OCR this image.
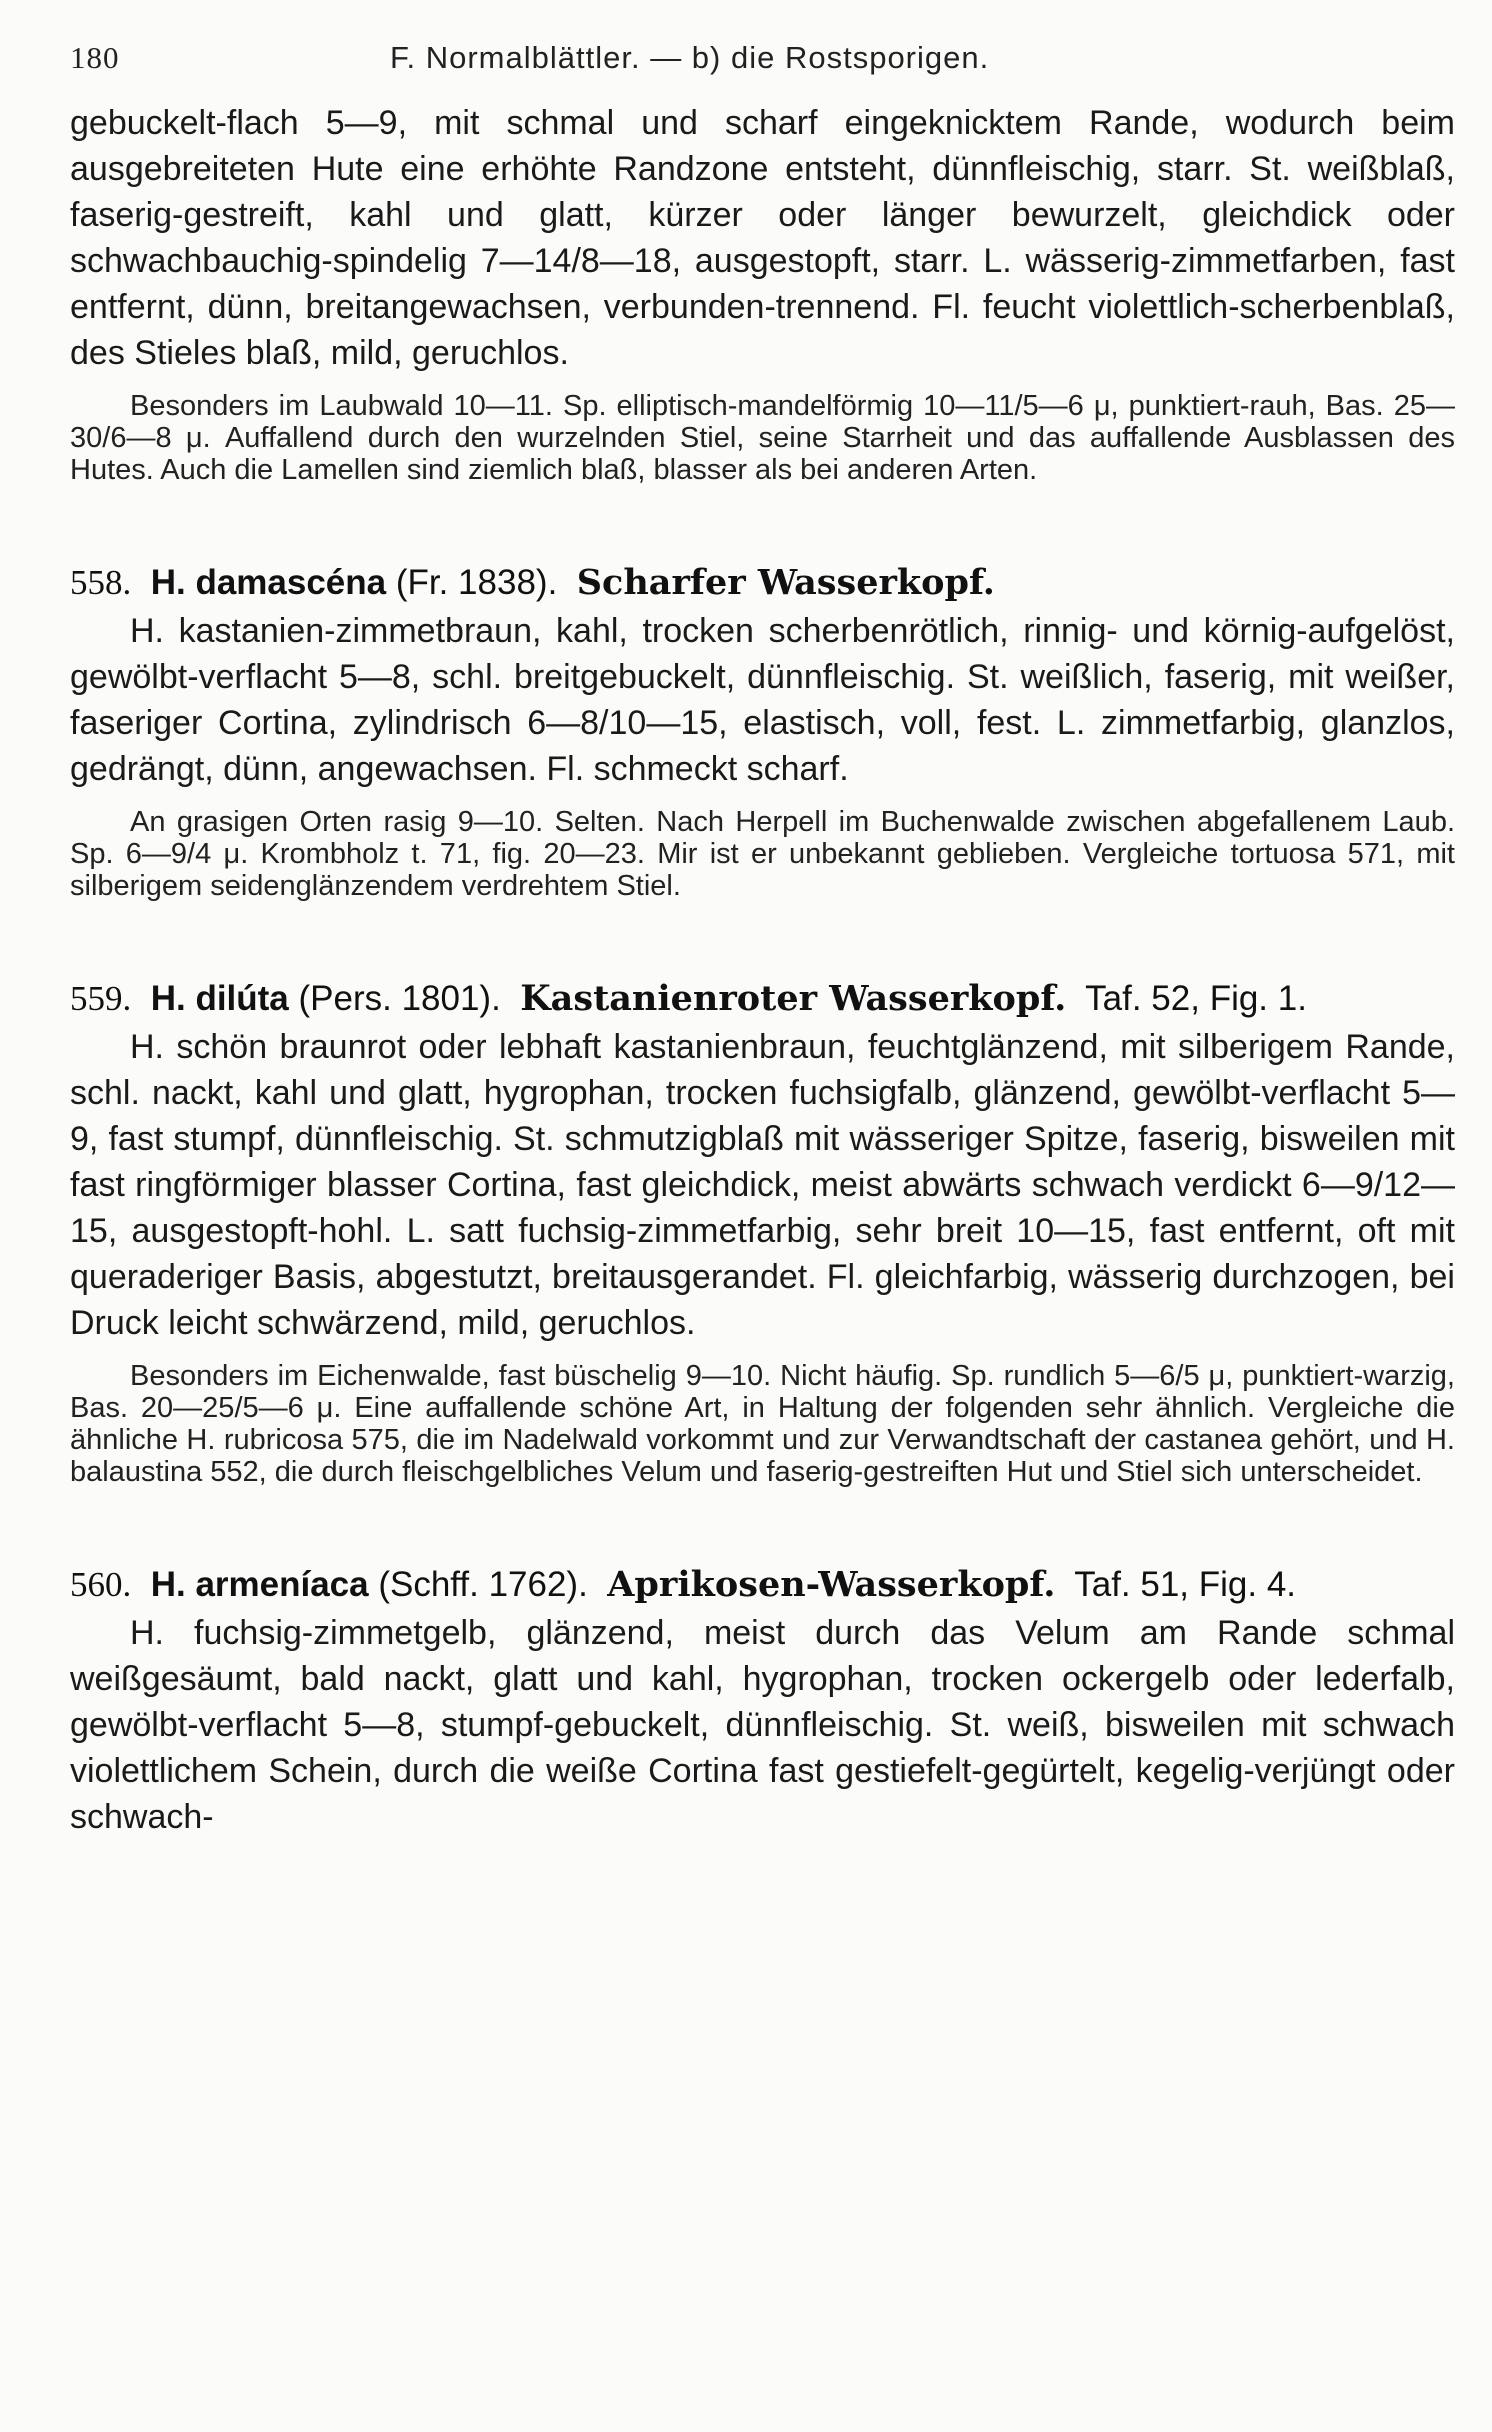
180	F. Normalblättler. — b) die Rostsporigen.

gebuckelt-flach 5—9, mit schmal und scharf eingeknicktem Rande, wodurch beim ausgebreiteten Hute eine erhöhte Randzone entsteht, dünnfleischig, starr. St. weißblaß, faserig-gestreift, kahl und glatt, kürzer oder länger bewurzelt, gleichdick oder schwachbauchig-spindelig 7—14/8—18, ausgestopft, starr. L. wässerig-zimmetfarben, fast entfernt, dünn, breitangewachsen, verbunden-trennend. Fl. feucht violettlich-scherbenblaß, des Stieles blaß, mild, geruchlos.

Besonders im Laubwald 10—11. Sp. elliptisch-mandelförmig 10—11/5—6 μ, punktiert-rauh, Bas. 25—30/6—8 μ. Auffallend durch den wurzelnden Stiel, seine Starrheit und das auffallende Ausblassen des Hutes. Auch die Lamellen sind ziemlich blaß, blasser als bei anderen Arten.

558. H. damascéna (Fr. 1838). Scharfer Wasserkopf.

H. kastanien-zimmetbraun, kahl, trocken scherbenrötlich, rinnig- und körnig-aufgelöst, gewölbt-verflacht 5—8, schl. breitgebuckelt, dünnfleischig. St. weißlich, faserig, mit weißer, faseriger Cortina, zylindrisch 6—8/10—15, elastisch, voll, fest. L. zimmetfarbig, glanzlos, gedrängt, dünn, angewachsen. Fl. schmeckt scharf.

An grasigen Orten rasig 9—10. Selten. Nach Herpell im Buchenwalde zwischen abgefallenem Laub. Sp. 6—9/4 μ. Krombholz t. 71, fig. 20—23. Mir ist er unbekannt geblieben. Vergleiche tortuosa 571, mit silberigem seidenglänzendem verdrehtem Stiel.

559. H. dilúta (Pers. 1801). Kastanienroter Wasserkopf. Taf. 52, Fig. 1.

H. schön braunrot oder lebhaft kastanienbraun, feuchtglänzend, mit silberigem Rande, schl. nackt, kahl und glatt, hygrophan, trocken fuchsigfalb, glänzend, gewölbt-verflacht 5—9, fast stumpf, dünnfleischig. St. schmutzigblaß mit wässeriger Spitze, faserig, bisweilen mit fast ringförmiger blasser Cortina, fast gleichdick, meist abwärts schwach verdickt 6—9/12—15, ausgestopft-hohl. L. satt fuchsig-zimmetfarbig, sehr breit 10—15, fast entfernt, oft mit queraderiger Basis, abgestutzt, breitausgerandet. Fl. gleichfarbig, wässerig durchzogen, bei Druck leicht schwärzend, mild, geruchlos.

Besonders im Eichenwalde, fast büschelig 9—10. Nicht häufig. Sp. rundlich 5—6/5 μ, punktiert-warzig, Bas. 20—25/5—6 μ. Eine auffallende schöne Art, in Haltung der folgenden sehr ähnlich. Vergleiche die ähnliche H. rubricosa 575, die im Nadelwald vorkommt und zur Verwandtschaft der castanea gehört, und H. balaustina 552, die durch fleischgelbliches Velum und faserig-gestreiften Hut und Stiel sich unterscheidet.

560. H. armeníaca (Schff. 1762). Aprikosen-Wasserkopf. Taf. 51, Fig. 4.

H. fuchsig-zimmetgelb, glänzend, meist durch das Velum am Rande schmal weißgesäumt, bald nackt, glatt und kahl, hygrophan, trocken ockergelb oder lederfalb, gewölbt-verflacht 5—8, stumpf-gebuckelt, dünnfleischig. St. weiß, bisweilen mit schwach violettlichem Schein, durch die weiße Cortina fast gestiefelt-gegürtelt, kegelig-verjüngt oder schwach-
